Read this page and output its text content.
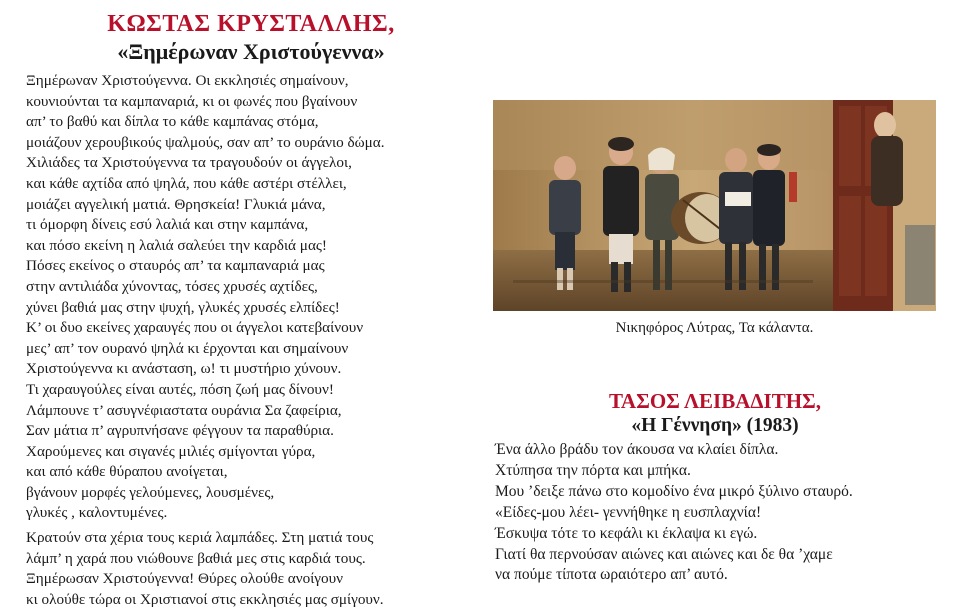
ΚΩΣΤΑΣ ΚΡΥΣΤΑΛΛΗΣ,
«Ξημέρωναν Χριστούγεννα»
Ξημέρωναν Χριστούγεννα. Οι εκκλησιές σημαίνουν,
κουνιούνται τα καμπαναριά, κι οι φωνές που βγαίνουν
απ’ το βαθύ και δίπλα το κάθε καμπάνας στόμα,
μοιάζουν χερουβικούς ψαλμούς, σαν απ’ το ουράνιο δώμα.
Χιλιάδες τα Χριστούγεννα τα τραγουδούν οι άγγελοι,
και κάθε αχτίδα από ψηλά, που κάθε αστέρι στέλλει,
μοιάζει αγγελική ματιά. Θρησκεία! Γλυκιά μάνα,
τι όμορφη δίνεις εσύ λαλιά και στην καμπάνα,
και πόσο εκείνη η λαλιά σαλεύει την καρδιά μας!
Πόσες εκείνος ο σταυρός απ’ τα καμπαναριά μας
στην αντιλιάδα χύνοντας, τόσες χρυσές αχτίδες,
χύνει βαθιά μας στην ψυχή, γλυκές χρυσές ελπίδες!
Κ’ οι δυο εκείνες χαραυγές που οι άγγελοι κατεβαίνουν
μες’ απ’ τον ουρανό ψηλά κι έρχονται και σημαίνουν
Χριστούγεννα κι ανάσταση, ω! τι μυστήριο χύνουν.
Τι χαραυγούλες είναι αυτές, πόση ζωή μας δίνουν!
Λάμπουνε τ’ ασυγνέφιαστατα ουράνια Σα ζαφείρια,
Σαν μάτια π’ αγρυπνήσανε φέγγουν τα παραθύρια.
Χαρούμενες και σιγανές μιλιές σμίγονται γύρα,
και από κάθε θύραπου ανοίγεται,
βγάνουν μορφές γελούμενες, λουσμένες,
γλυκές , καλοντυμένες.
Κρατούν στα χέρια τους κεριά λαμπάδες. Στη ματιά τους
λάμπ’ η χαρά που νιώθουνε βαθιά μες στις καρδιά τους.
Ξημέρωσαν Χριστούγεννα! Θύρες ολούθε ανοίγουν
κι ολούθε τώρα οι Χριστιανοί στις εκκλησιές μας σμίγουν.
Νικηφόρος Λύτρας, Τα κάλαντα.
ΤΑΣΟΣ ΛΕΙΒΑΔΙΤΗΣ,
«Η Γέννηση» (1983)
Ένα άλλο βράδυ τον άκουσα να κλαίει δίπλα.
Χτύπησα την πόρτα και μπήκα.
Μου ’δειξε πάνω στο κομοδίνο ένα μικρό ξύλινο σταυρό.
«Είδες-μου λέει- γεννήθηκε η ευσπλαχνία!
Έσκυψα τότε το κεφάλι κι έκλαψα κι εγώ.
Γιατί θα περνούσαν αιώνες και αιώνες και δε θα ’χαμε
να πούμε τίποτα ωραιότερο απ’ αυτό.
